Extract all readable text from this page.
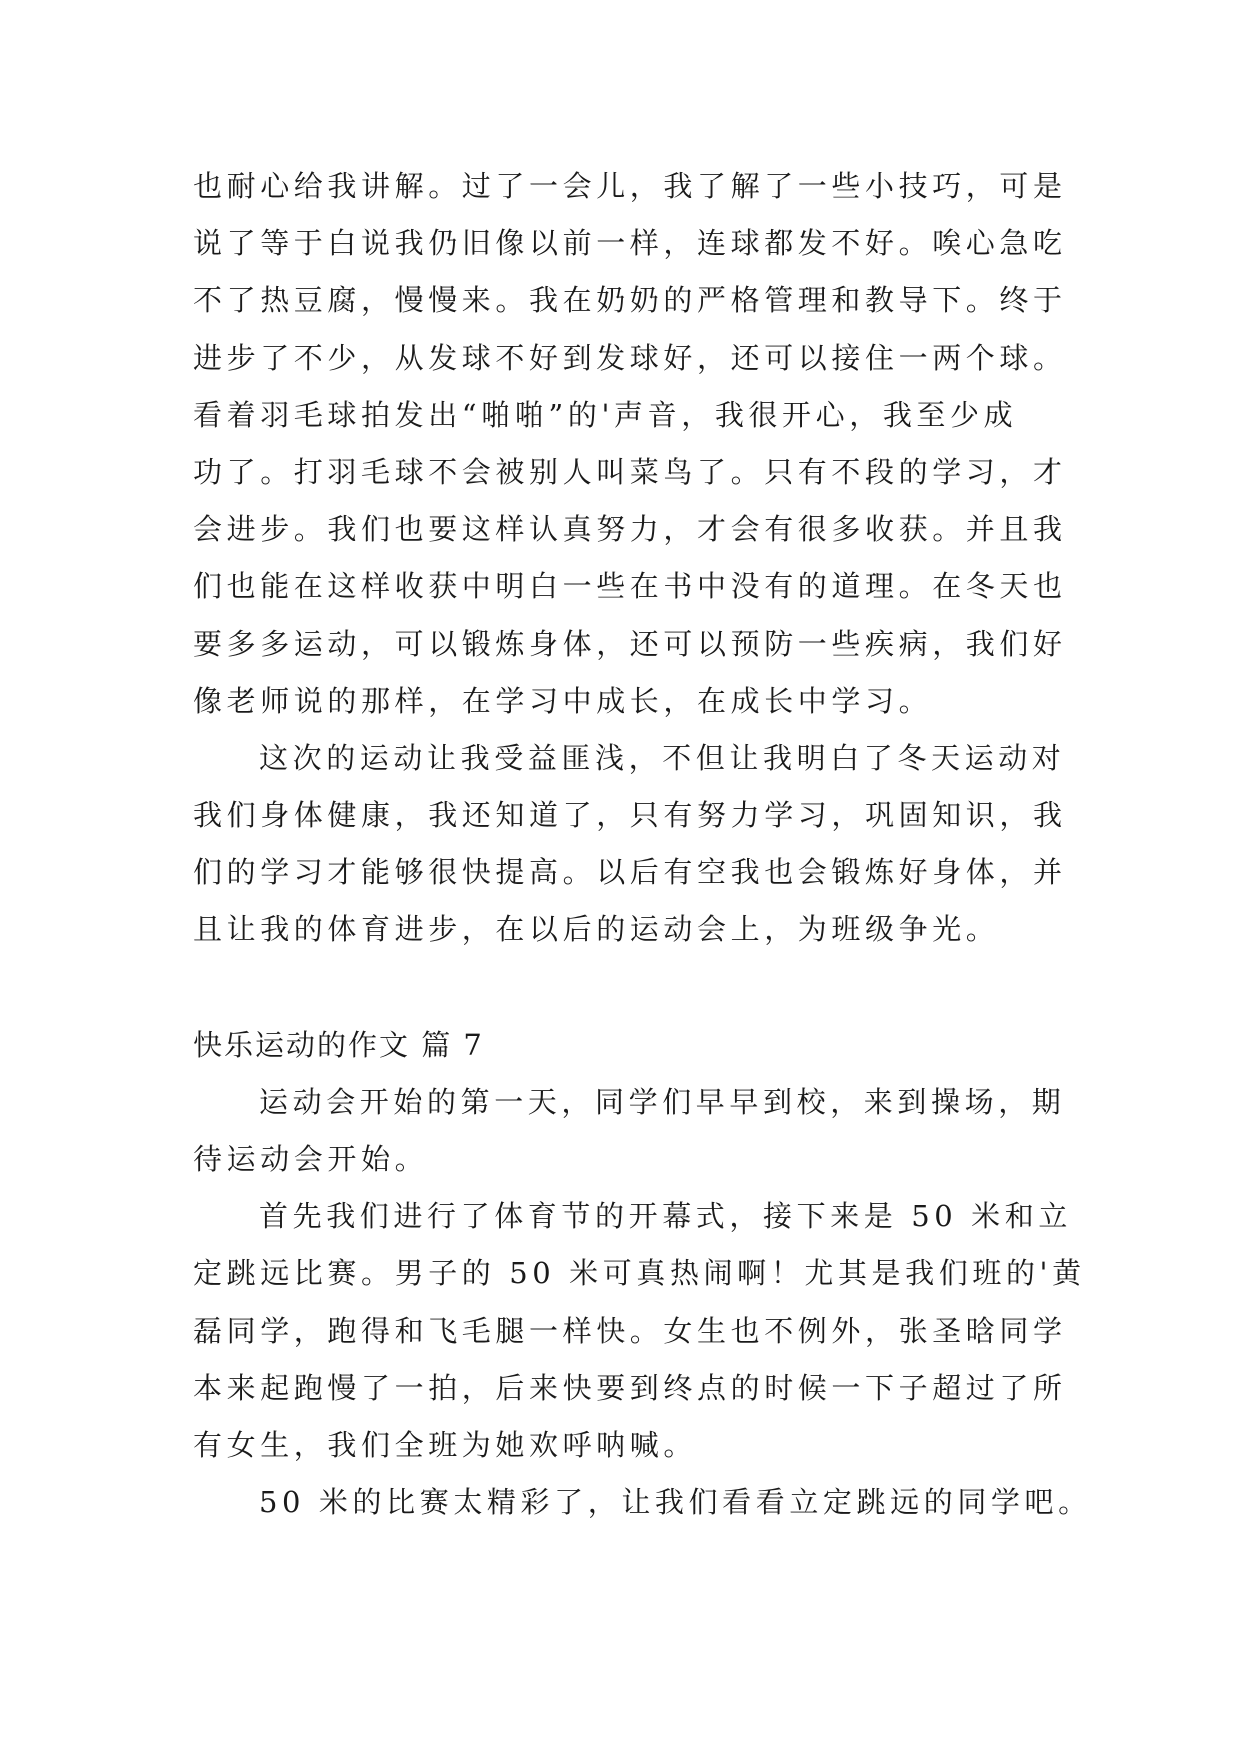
也耐心给我讲解。过了一会儿，我了解了一些小技巧，可是
说了等于白说我仍旧像以前一样，连球都发不好。唉心急吃
不了热豆腐，慢慢来。我在奶奶的严格管理和教导下。终于
进步了不少，从发球不好到发球好，还可以接住一两个球。
看着羽毛球拍发出“啪啪”的'声音，我很开心，我至少成
功了。打羽毛球不会被别人叫菜鸟了。只有不段的学习，才
会进步。我们也要这样认真努力，才会有很多收获。并且我
们也能在这样收获中明白一些在书中没有的道理。在冬天也
要多多运动，可以锻炼身体，还可以预防一些疾病，我们好
像老师说的那样，在学习中成长，在成长中学习。

这次的运动让我受益匪浅，不但让我明白了冬天运动对
我们身体健康，我还知道了，只有努力学习，巩固知识，我
们的学习才能够很快提高。以后有空我也会锻炼好身体，并
且让我的体育进步，在以后的运动会上，为班级争光。

快乐运动的作文 篇 7

运动会开始的第一天，同学们早早到校，来到操场，期
待运动会开始。

首先我们进行了体育节的开幕式，接下来是 50 米和立
定跳远比赛。男子的 50 米可真热闹啊！尤其是我们班的'黄
磊同学，跑得和飞毛腿一样快。女生也不例外，张圣晗同学
本来起跑慢了一拍，后来快要到终点的时候一下子超过了所
有女生，我们全班为她欢呼呐喊。

50 米的比赛太精彩了，让我们看看立定跳远的同学吧。
